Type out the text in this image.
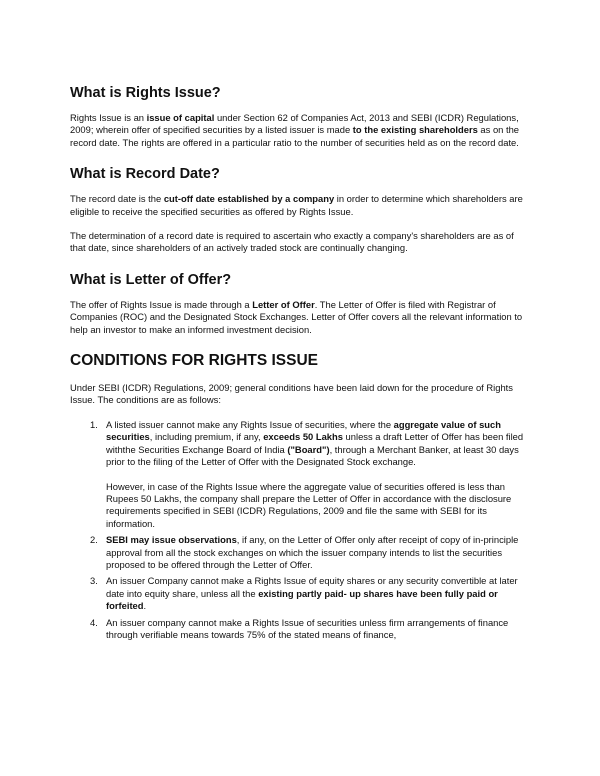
What is Rights Issue?

Rights Issue is an issue of capital under Section 62 of Companies Act, 2013 and SEBI (ICDR) Regulations, 2009; wherein offer of specified securities by a listed issuer is made to the existing shareholders as on the record date. The rights are offered in a particular ratio to the number of securities held as on the record date.

What is Record Date?

The record date is the cut-off date established by a company in order to determine which shareholders are eligible to receive the specified securities as offered by Rights Issue.

The determination of a record date is required to ascertain who exactly a company's shareholders are as of that date, since shareholders of an actively traded stock are continually changing.

What is Letter of Offer?

The offer of Rights Issue is made through a Letter of Offer. The Letter of Offer is filed with Registrar of Companies (ROC) and the Designated Stock Exchanges. Letter of Offer covers all the relevant information to help an investor to make an informed investment decision.

CONDITIONS FOR RIGHTS ISSUE

Under SEBI (ICDR) Regulations, 2009; general conditions have been laid down for the procedure of Rights Issue. The conditions are as follows:

1. A listed issuer cannot make any Rights Issue of securities, where the aggregate value of such securities, including premium, if any, exceeds 50 Lakhs unless a draft Letter of Offer has been filed withthe Securities Exchange Board of India ("Board"), through a Merchant Banker, at least 30 days prior to the filing of the Letter of Offer with the Designated Stock exchange.

However, in case of the Rights Issue where the aggregate value of securities offered is less than Rupees 50 Lakhs, the company shall prepare the Letter of Offer in accordance with the disclosure requirements specified in SEBI (ICDR) Regulations, 2009 and file the same with SEBI for its information.

2. SEBI may issue observations, if any, on the Letter of Offer only after receipt of copy of in-principle approval from all the stock exchanges on which the issuer company intends to list the securities proposed to be offered through the Letter of Offer.

3. An issuer Company cannot make a Rights Issue of equity shares or any security convertible at later date into equity share, unless all the existing partly paid- up shares have been fully paid or forfeited.

4. An issuer company cannot make a Rights Issue of securities unless firm arrangements of finance through verifiable means towards 75% of the stated means of finance,
